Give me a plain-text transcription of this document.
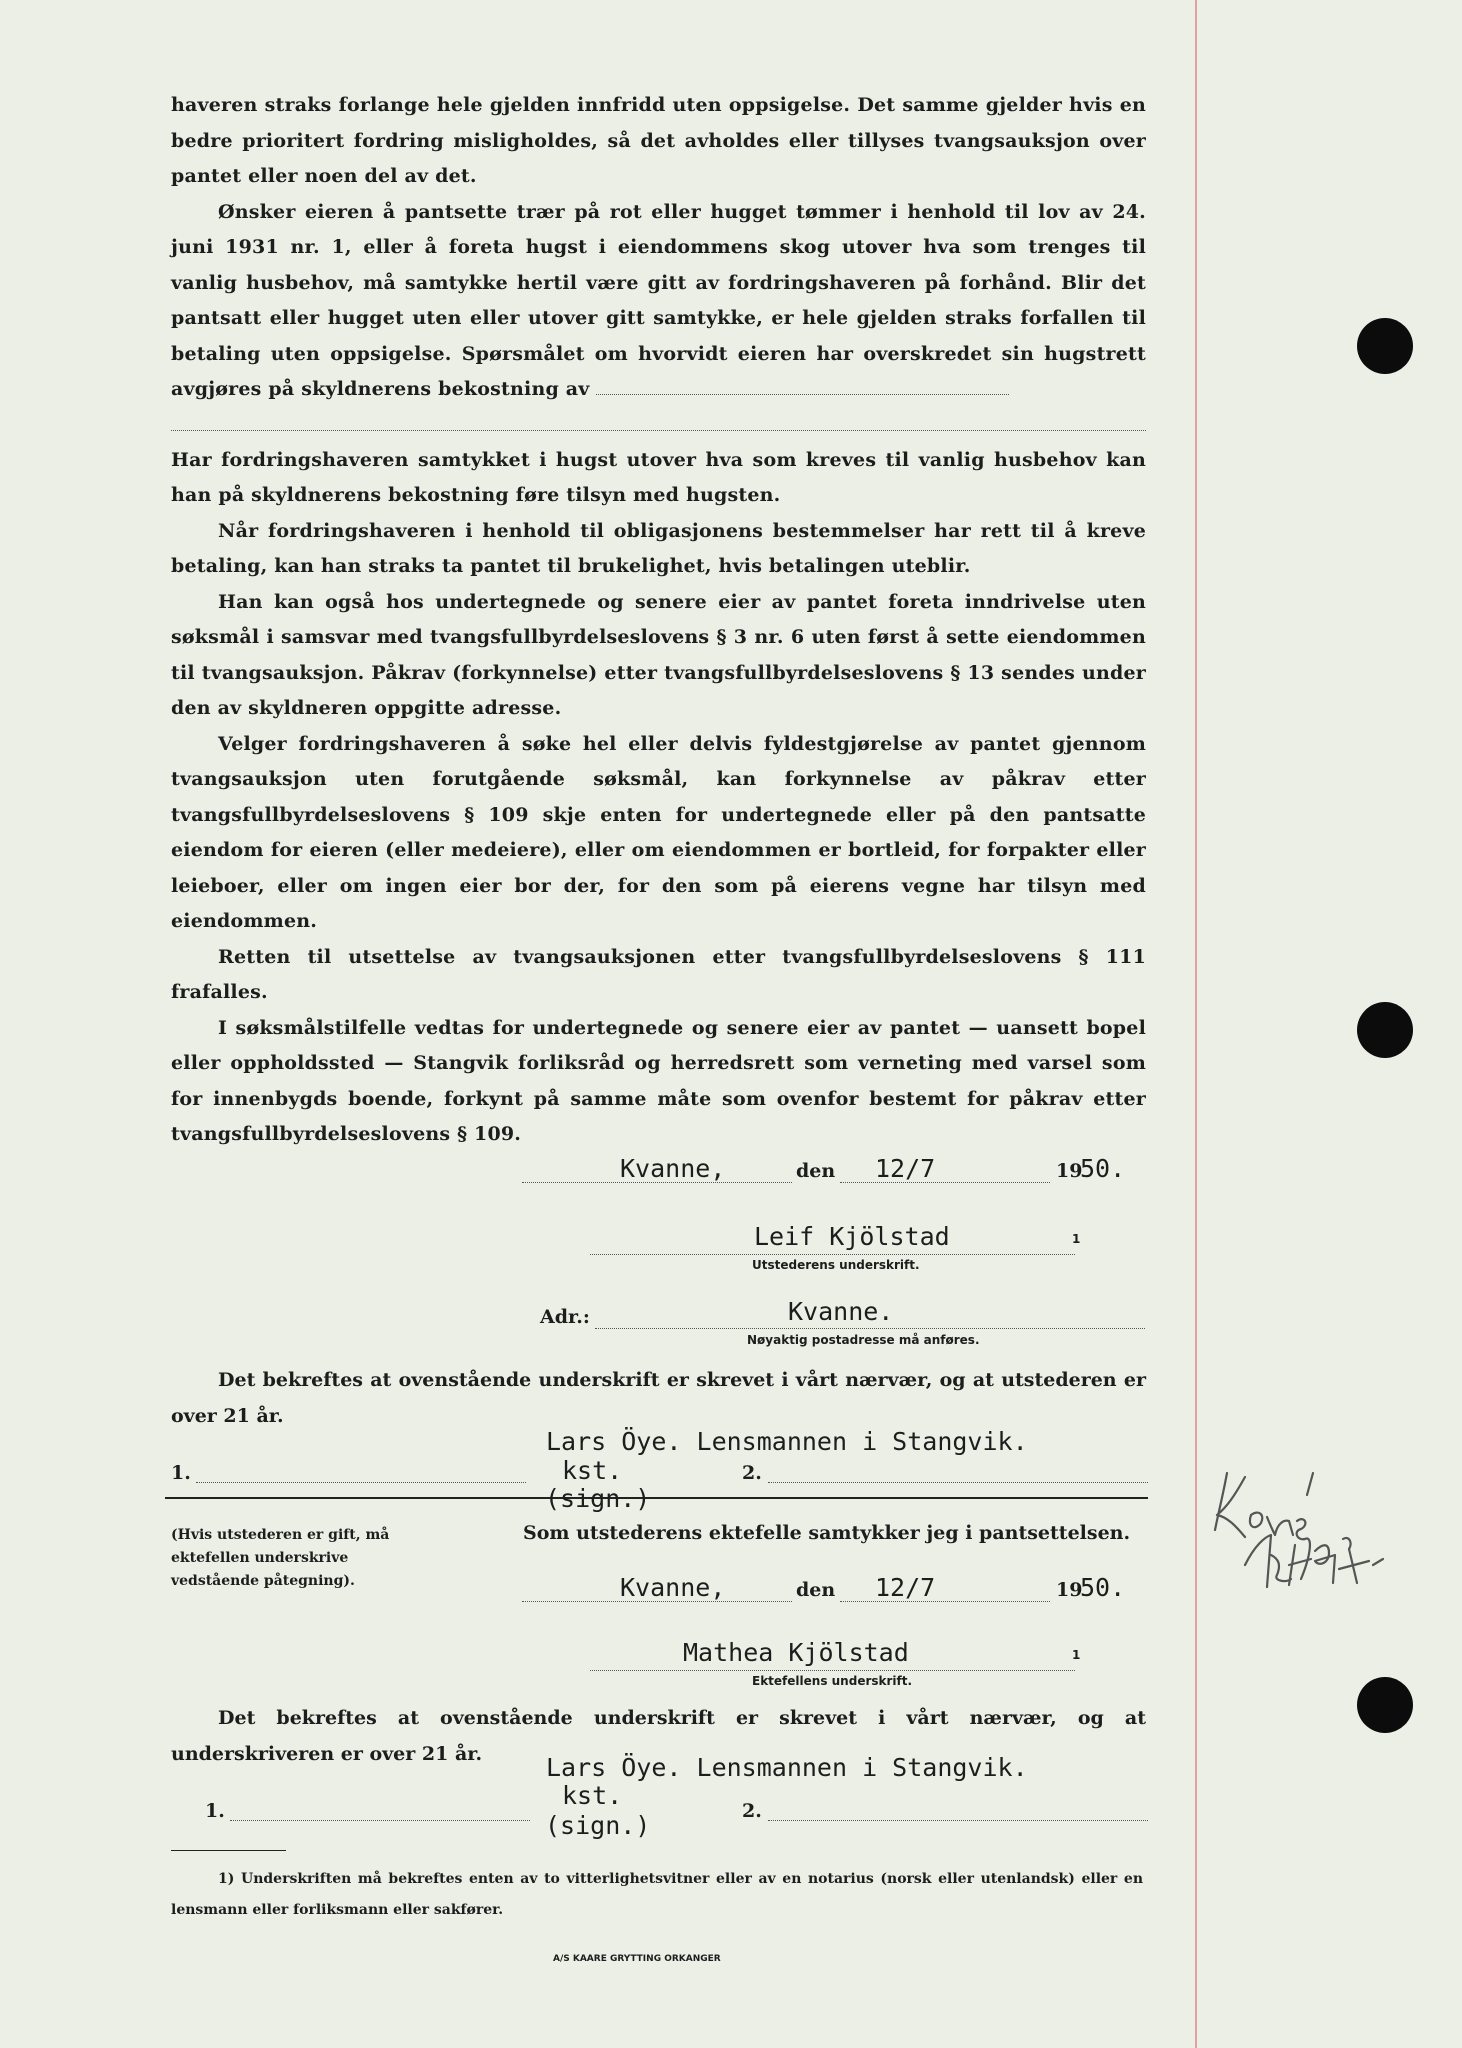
haveren straks forlange hele gjelden innfridd uten oppsigelse. Det samme gjelder hvis en bedre prioritert fordring misligholdes, så det avholdes eller tillyses tvangsauksjon over pantet eller noen del av det.

Ønsker eieren å pantsette trær på rot eller hugget tømmer i henhold til lov av 24. juni 1931 nr. 1, eller å foreta hugst i eiendommens skog utover hva som trenges til vanlig husbehov, må samtykke hertil være gitt av fordringshaveren på forhånd. Blir det pantsatt eller hugget uten eller utover gitt samtykke, er hele gjelden straks forfallen til betaling uten oppsigelse. Spørsmålet om hvorvidt eieren har overskredet sin hugstrett avgjøres på skyldnerens bekostning av

Har fordringshaveren samtykket i hugst utover hva som kreves til vanlig husbehov kan han på skyldnerens bekostning føre tilsyn med hugsten.

Når fordringshaveren i henhold til obligasjonens bestemmelser har rett til å kreve betaling, kan han straks ta pantet til brukelighet, hvis betalingen uteblir.

Han kan også hos undertegnede og senere eier av pantet foreta inndrivelse uten søksmål i samsvar med tvangsfullbyrdelseslovens § 3 nr. 6 uten først å sette eiendommen til tvangsauksjon. Påkrav (forkynnelse) etter tvangsfullbyrdelseslovens § 13 sendes under den av skyldneren oppgitte adresse.

Velger fordringshaveren å søke hel eller delvis fyldestgjørelse av pantet gjennom tvangsauksjon uten forutgående søksmål, kan forkynnelse av påkrav etter tvangsfullbyrdelseslovens § 109 skje enten for undertegnede eller på den pantsatte eiendom for eieren (eller medeiere), eller om eiendommen er bortleid, for forpakter eller leieboer, eller om ingen eier bor der, for den som på eierens vegne har tilsyn med eiendommen.

Retten til utsettelse av tvangsauksjonen etter tvangsfullbyrdelseslovens § 111 frafalles.

I søksmålstilfelle vedtas for undertegnede og senere eier av pantet — uansett bopel eller oppholdssted — Stangvik forliksråd og herredsrett som verneting med varsel som for innenbygds boende, forkynt på samme måte som ovenfor bestemt for påkrav etter tvangsfullbyrdelseslovens § 109.

Kvanne,	den 12/7	19
50.
Leif Kjölstad	1
Utstederens underskrift.
Adr.:	Kvanne.
Nøyaktig postadresse må anføres.
Det bekreftes at ovenstående underskrift er skrevet i vårt nærvær, og at utstederen er over 21 år.
1.
Lars Öye. Lensmannen i Stangvik.
kst.	2.
(sign.)
(Hvis utstederen er gift, må ektefellen underskrive vedstående påtegning).
Som utstederens ektefelle samtykker jeg i pantsettelsen.
Kvanne,	den 12/7	19
50.
Mathea Kjölstad	1
Ektefellens underskrift.
Det bekreftes at ovenstående underskrift er skrevet i vårt nærvær, og at underskriveren er over 21 år.	Lars Öye. Lensmannen i Stangvik.
kst.
(sign.)
1.	2.
1) Underskriften må bekreftes enten av to vitterlighetsvitner eller av en notarius (norsk eller utenlandsk) eller en lensmann eller forliksmann eller sakfører.
A/S KAARE GRYTTING ORKANGER
Konf. Mf. Meert
